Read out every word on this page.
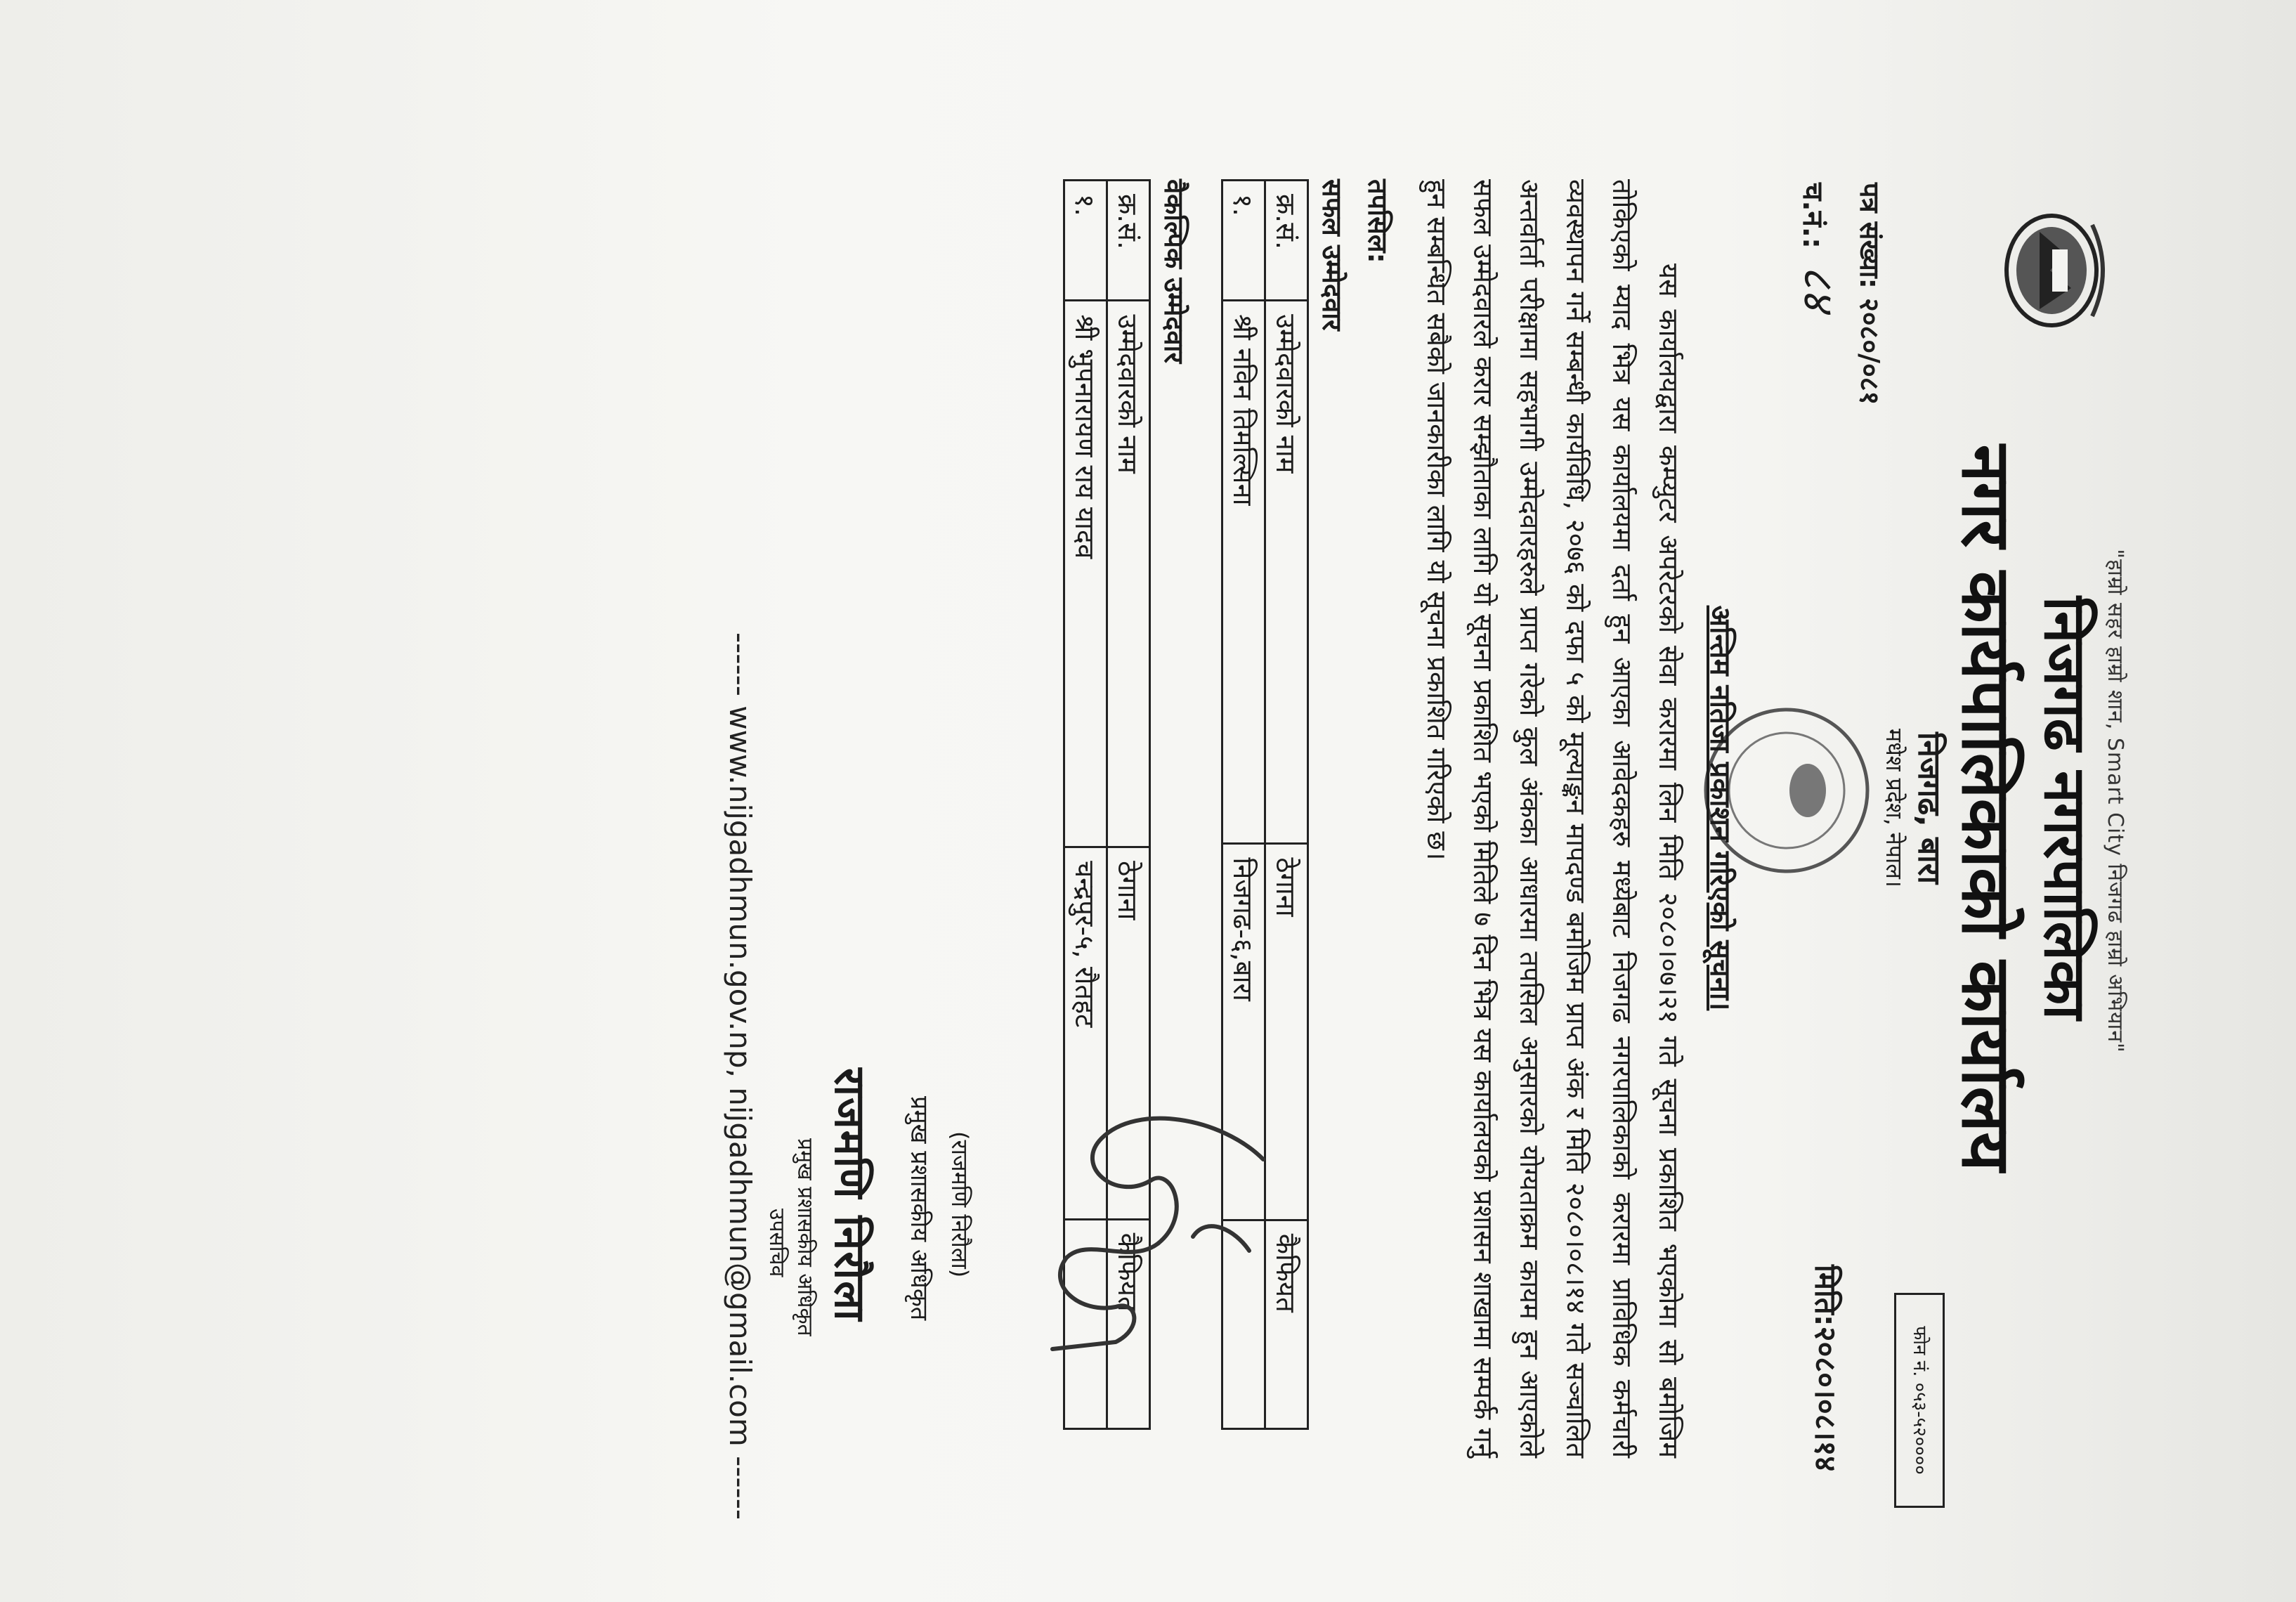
"हाम्रो सहर हाम्रो शान, Smart City निजगढ हाम्रो अभियान"
निजगढ नगरपालिका
नगर कार्यपालिकाको कार्यालय
निजगढ, बारा
मधेश प्रदेश, नेपाल।
फोन नं. ०५३-५२००००
पत्र संख्या: २०८०/०८१
च.नं.: ८४
मिति:२०८०।०८।१४
अन्तिम नतिजा प्रकाशन गरिएको सूचना।
यस कार्यालयद्वारा कम्प्युटर अपरेटरको सेवा करारमा लिन मिति २०८०।०७।२१ गते सूचना प्रकाशित भएकोमा सो बमोजिम तोकिएको म्याद भित्र यस कार्यालयमा दर्ता हुन आएका आवेदकहरु मध्येबाट निजगढ नगरपालिकाको करारमा प्राविधिक कर्मचारी व्यवस्थापन गर्ने सम्बन्धी कार्यविधि, २०७६ को दफा ५ को मूल्याङ्कन मापदण्ड बमोजिम प्राप्त अंक र मिति २०८०।०८।१४ गते सञ्चालित अन्तर्वार्ता परीक्षामा सहभागी उम्मेदवारहरुले प्राप्त गरेको कुल अंकका आधारमा तपसिल अनुसारको योग्यताक्रम कायम हुन आएकोले सफल उम्मेदवारले करार सम्झौताका लागि यो सूचना प्रकाशित भएको मितिले ७ दिन भित्र यस कार्यालयको प्रशासन शाखामा सम्पर्क गर्नु हुन सम्बन्धित सबैको जानकारीका लागि यो सूचना प्रकाशित गरिएको छ।
तपसिल:
सफल उम्मेदवार
क्र.सं.	उम्मेदवारको नाम	ठेगाना	कैफियत
१.	श्री नविन तिमल्सिना	निजगढ-६,बारा	
वैकल्पिक उम्मेदवार
क्र.सं.	उम्मेदवारको नाम	ठेगाना	कैफियत
१.	श्री भुपनारायण राय यादव	चन्द्रपुर-५, रौतहट	
(राजमणि निरौला)
प्रमुख प्रशासकीय अधिकृत
राजमणि निरौला
प्रमुख प्रशासकीय अधिकृत
उपसचिव
------ www.nijgadhmun.gov.np, nijgadhmun@gmail.com ------
